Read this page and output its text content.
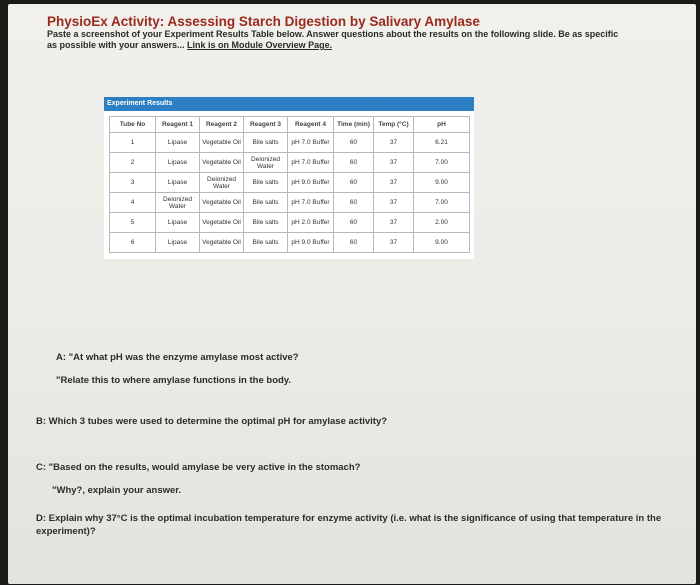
PhysioEx Activity: Assessing Starch Digestion by Salivary Amylase
Paste a screenshot of your Experiment Results Table below. Answer questions about the results on the following slide. Be as specific as possible with your answers... Link is on Module Overview Page.
Experiment Results
Tube No	Reagent 1	Reagent 2	Reagent 3	Reagent 4	Time (min)	Temp (°C)	pH
1	Lipase	Vegetable Oil	Bile salts	pH 7.0 Buffer	60	37	6.21
2	Lipase	Vegetable Oil	Deionized Water	pH 7.0 Buffer	60	37	7.00
3	Lipase	Deionized Water	Bile salts	pH 9.0 Buffer	60	37	9.00
4	Deionized Water	Vegetable Oil	Bile salts	pH 7.0 Buffer	60	37	7.00
5	Lipase	Vegetable Oil	Bile salts	pH 2.0 Buffer	60	37	2.00
6	Lipase	Vegetable Oil	Bile salts	pH 9.0 Buffer	60	37	9.00
A: "At what pH was the enzyme amylase most active?
"Relate this to where amylase functions in the body.
B: Which 3 tubes were used to determine the optimal pH for amylase activity?
C: "Based on the results, would amylase be very active in the stomach?
"Why?, explain your answer.
D: Explain why 37°C is the optimal incubation temperature for enzyme activity (i.e. what is the significance of using that temperature in the experiment)?
